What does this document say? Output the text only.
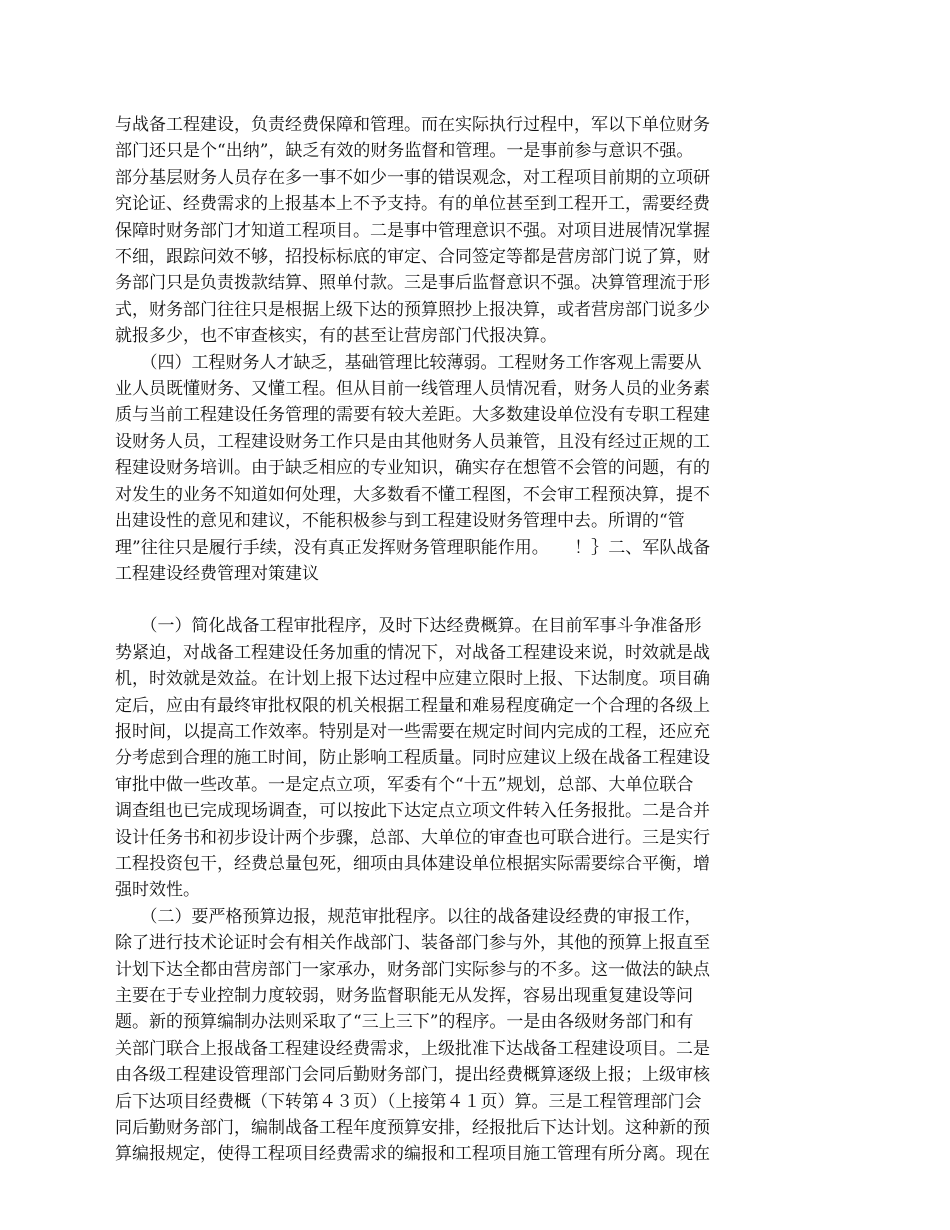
与战备工程建设，负责经费保障和管理。而在实际执行过程中，军以下单位财务

部门还只是个“出纳”，缺乏有效的财务监督和管理。一是事前参与意识不强。

部分基层财务人员存在多一事不如少一事的错误观念，对工程项目前期的立项研

究论证、经费需求的上报基本上不予支持。有的单位甚至到工程开工，需要经费

保障时财务部门才知道工程项目。二是事中管理意识不强。对项目进展情况掌握

不细，跟踪问效不够，招投标标底的审定、合同签定等都是营房部门说了算，财

务部门只是负责拨款结算、照单付款。三是事后监督意识不强。决算管理流于形

式，财务部门往往只是根据上级下达的预算照抄上报决算，或者营房部门说多少

就报多少，也不审查核实，有的甚至让营房部门代报决算。

　　（四）工程财务人才缺乏，基础管理比较薄弱。工程财务工作客观上需要从

业人员既懂财务、又懂工程。但从目前一线管理人员情况看，财务人员的业务素

质与当前工程建设任务管理的需要有较大差距。大多数建设单位没有专职工程建

设财务人员，工程建设财务工作只是由其他财务人员兼管，且没有经过正规的工

程建设财务培训。由于缺乏相应的专业知识，确实存在想管不会管的问题，有的

对发生的业务不知道如何处理，大多数看不懂工程图，不会审工程预决算，提不

出建设性的意见和建议，不能积极参与到工程建设财务管理中去。所谓的“管

理”往往只是履行手续，没有真正发挥财务管理职能作用。　　！｝二、军队战备

工程建设经费管理对策建议

　　（一）简化战备工程审批程序，及时下达经费概算。在目前军事斗争准备形

势紧迫，对战备工程建设任务加重的情况下，对战备工程建设来说，时效就是战

机，时效就是效益。在计划上报下达过程中应建立限时上报、下达制度。项目确

定后，应由有最终审批权限的机关根据工程量和难易程度确定一个合理的各级上

报时间，以提高工作效率。特别是对一些需要在规定时间内完成的工程，还应充

分考虑到合理的施工时间，防止影响工程质量。同时应建议上级在战备工程建设

审批中做一些改革。一是定点立项，军委有个“十五”规划，总部、大单位联合

调查组也已完成现场调查，可以按此下达定点立项文件转入任务报批。二是合并

设计任务书和初步设计两个步骤，总部、大单位的审查也可联合进行。三是实行

工程投资包干，经费总量包死，细项由具体建设单位根据实际需要综合平衡，增

强时效性。

　　（二）要严格预算边报，规范审批程序。以往的战备建设经费的审报工作，

除了进行技术论证时会有相关作战部门、装备部门参与外，其他的预算上报直至

计划下达全都由营房部门一家承办，财务部门实际参与的不多。这一做法的缺点

主要在于专业控制力度较弱，财务监督职能无从发挥，容易出现重复建设等问

题。新的预算编制办法则采取了“三上三下”的程序。一是由各级财务部门和有

关部门联合上报战备工程建设经费需求，上级批准下达战备工程建设项目。二是

由各级工程建设管理部门会同后勤财务部门，提出经费概算逐级上报；上级审核

后下达项目经费概（下转第４３页）（上接第４１页）算。三是工程管理部门会

同后勤财务部门，编制战备工程年度预算安排，经报批后下达计划。这种新的预

算编报规定，使得工程项目经费需求的编报和工程项目施工管理有所分离。现在
